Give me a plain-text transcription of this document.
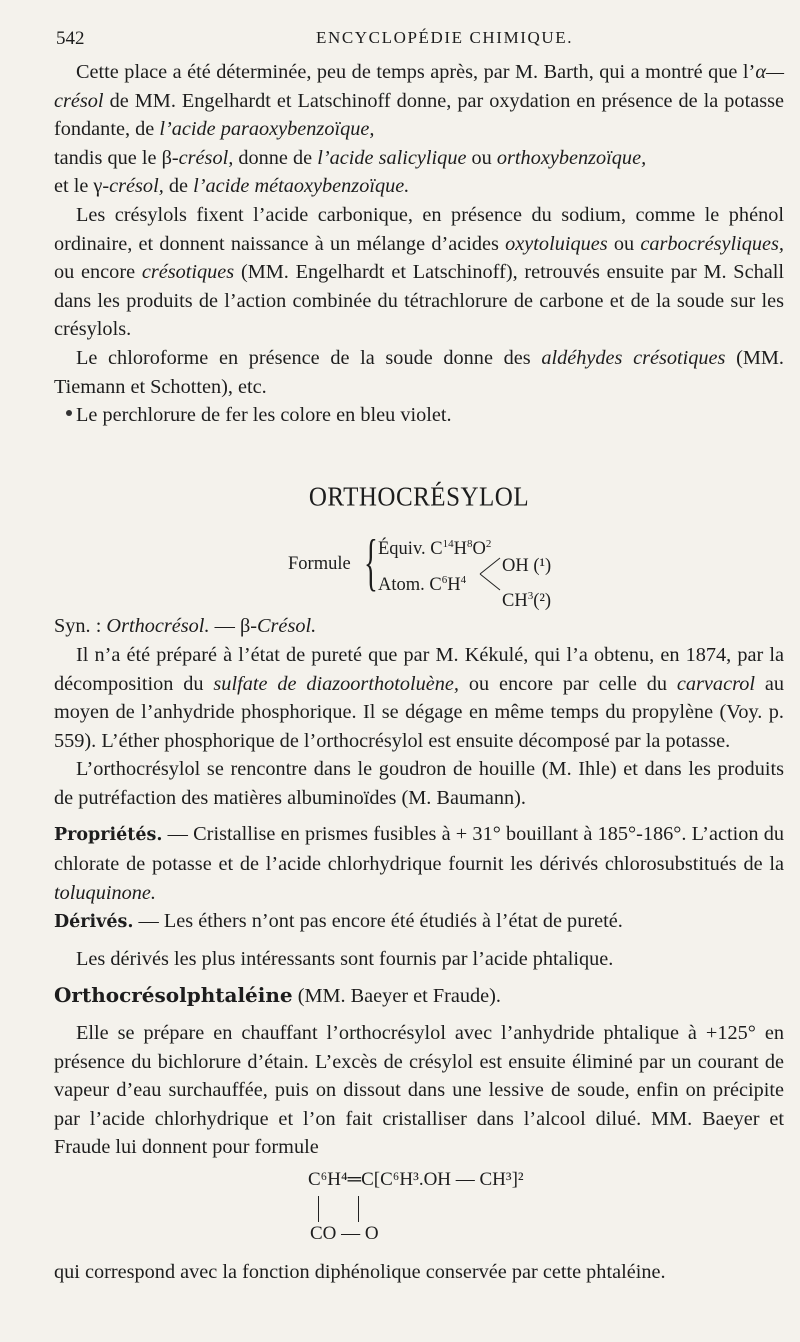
542	ENCYCLOPÉDIE CHIMIQUE.

Cette place a été déterminée, peu de temps après, par M. Barth, qui a montré que l’α—crésol de MM. Engelhardt et Latschinoff donne, par oxydation en présence de la potasse fondante, de l’acide paraoxybenzoïque,

tandis que le β-crésol, donne de l’acide salicylique ou orthoxybenzoïque,

et le γ-crésol, de l’acide métaoxybenzoïque.

Les crésylols fixent l’acide carbonique, en présence du sodium, comme le phénol ordinaire, et donnent naissance à un mélange d’acides oxytoluiques ou carbocrésyliques, ou encore crésotiques (MM. Engelhardt et Latschinoff), retrouvés ensuite par M. Schall dans les produits de l’action combinée du tétrachlorure de carbone et de la soude sur les crésylols.

Le chloroforme en présence de la soude donne des aldéhydes crésotiques (MM. Tiemann et Schotten), etc.

Le perchlorure de fer les colore en bleu violet.

ORTHOCRÉSYLOL
Formule { Équiv. $C^{14}H^8O^2$
Atom. $C^6H^4$
OH (¹)
$CH^3(^2)$

Syn. : Orthocrésol. — β-Crésol.

Il n’a été préparé à l’état de pureté que par M. Kékulé, qui l’a obtenu, en 1874, par la décomposition du sulfate de diazoorthotoluène, ou encore par celle du carvacrol au moyen de l’anhydride phosphorique. Il se dégage en même temps du propylène (Voy. p. 559). L’éther phosphorique de l’orthocrésylol est ensuite décomposé par la potasse.

L’orthocrésylol se rencontre dans le goudron de houille (M. Ihle) et dans les produits de putréfaction des matières albuminoïdes (M. Baumann).

Propriétés. — Cristallise en prismes fusibles à + 31° bouillant à 185°-186°. L’action du chlorate de potasse et de l’acide chlorhydrique fournit les dérivés chlorosubstitués de la toluquinone.

Dérivés. — Les éthers n’ont pas encore été étudiés à l’état de pureté.

Les dérivés les plus intéressants sont fournis par l’acide phtalique.

Orthocrésolphtaléine (MM. Baeyer et Fraude).

Elle se prépare en chauffant l’orthocrésylol avec l’anhydride phtalique à +125° en présence du bichlorure d’étain. L’excès de crésylol est ensuite éliminé par un courant de vapeur d’eau surchauffée, puis on dissout dans une lessive de soude, enfin on précipite par l’acide chlorhydrique et l’on fait cristalliser dans l’alcool dilué. MM. Baeyer et Fraude lui donnent pour formule

C⁶H⁴═C[C⁶H³.OH — CH³]²
CO — O

qui correspond avec la fonction diphénolique conservée par cette phtaléine.
